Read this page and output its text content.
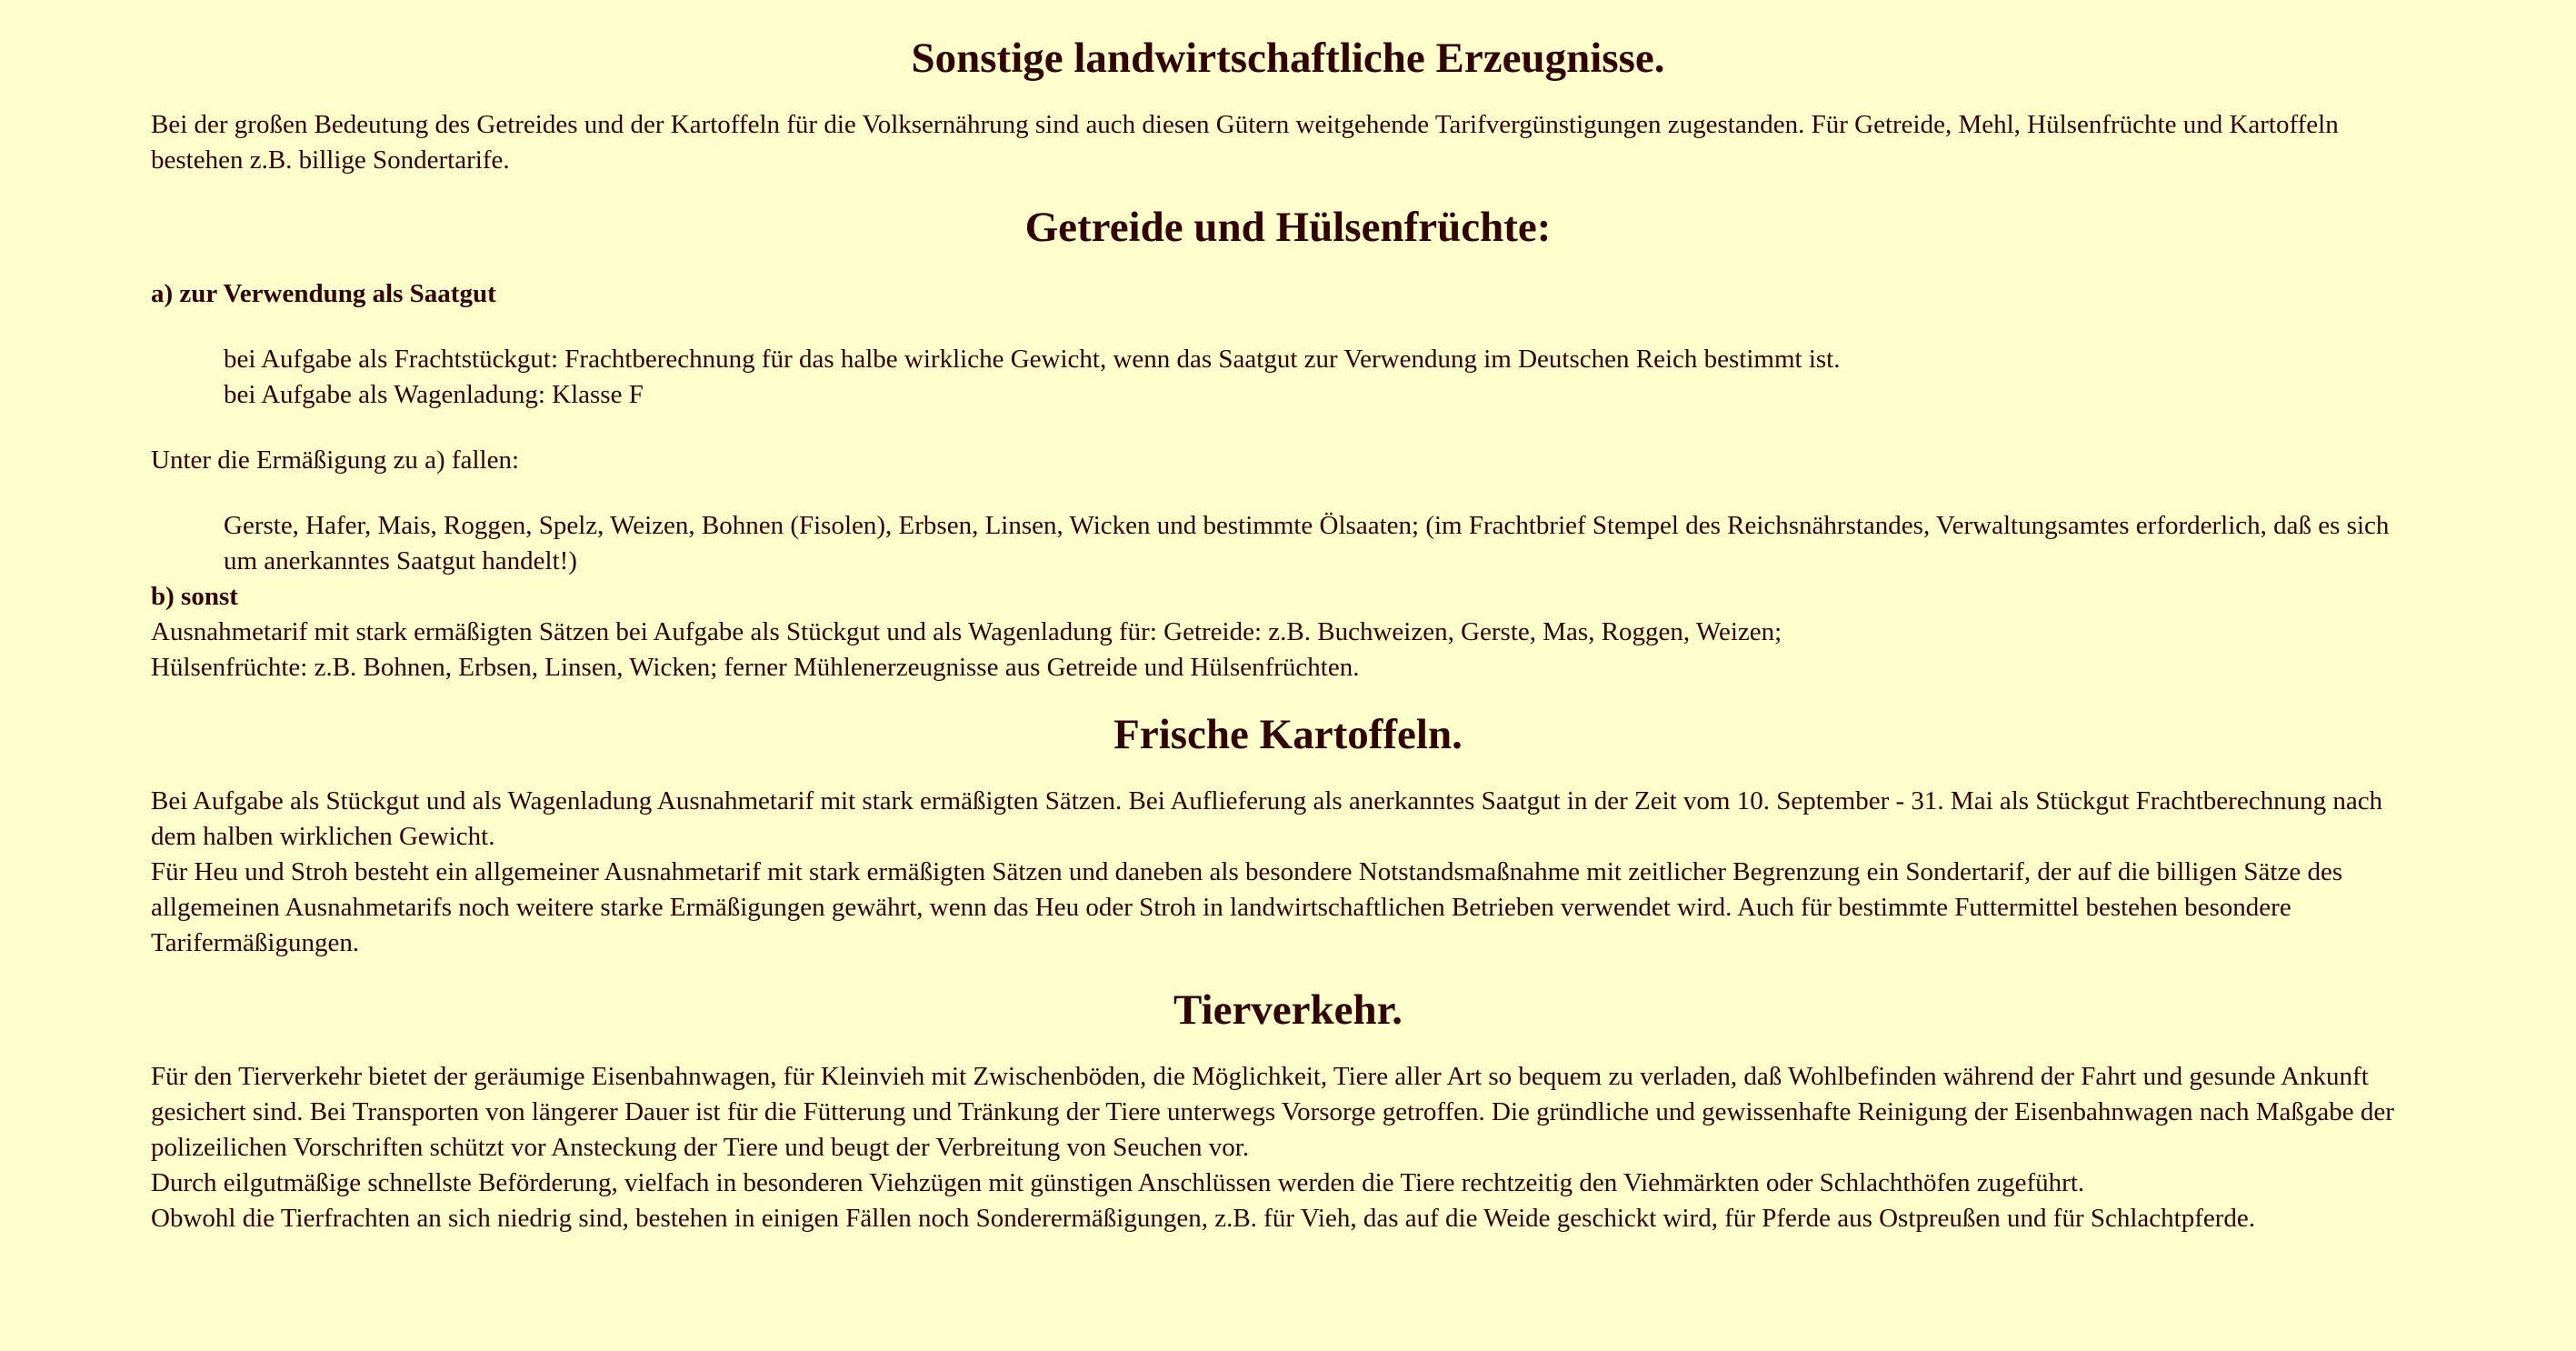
Sonstige landwirtschaftliche Erzeugnisse.

Bei der großen Bedeutung des Getreides und der Kartoffeln für die Volksernährung sind auch diesen Gütern weitgehende Tarifvergünstigungen zugestanden. Für Getreide, Mehl, Hülsenfrüchte und Kartoffeln bestehen z.B. billige Sondertarife.

Getreide und Hülsenfrüchte:

a) zur Verwendung als Saatgut

bei Aufgabe als Frachtstückgut: Frachtberechnung für das halbe wirkliche Gewicht, wenn das Saatgut zur Verwendung im Deutschen Reich bestimmt ist.

bei Aufgabe als Wagenladung: Klasse F

Unter die Ermäßigung zu a) fallen:

Gerste, Hafer, Mais, Roggen, Spelz, Weizen, Bohnen (Fisolen), Erbsen, Linsen, Wicken und bestimmte Ölsaaten; (im Frachtbrief Stempel des Reichsnährstandes, Verwaltungsamtes erforderlich, daß es sich um anerkanntes Saatgut handelt!)

b) sonst

Ausnahmetarif mit stark ermäßigten Sätzen bei Aufgabe als Stückgut und als Wagenladung für: Getreide: z.B. Buchweizen, Gerste, Mas, Roggen, Weizen;

Hülsenfrüchte: z.B. Bohnen, Erbsen, Linsen, Wicken; ferner Mühlenerzeugnisse aus Getreide und Hülsenfrüchten.

Frische Kartoffeln.

Bei Aufgabe als Stückgut und als Wagenladung Ausnahmetarif mit stark ermäßigten Sätzen. Bei Auflieferung als anerkanntes Saatgut in der Zeit vom 10. September - 31. Mai als Stückgut Frachtberechnung nach dem halben wirklichen Gewicht.

Für Heu und Stroh besteht ein allgemeiner Ausnahmetarif mit stark ermäßigten Sätzen und daneben als besondere Notstandsmaßnahme mit zeitlicher Begrenzung ein Sondertarif, der auf die billigen Sätze des allgemeinen Ausnahmetarifs noch weitere starke Ermäßigungen gewährt, wenn das Heu oder Stroh in landwirtschaftlichen Betrieben verwendet wird. Auch für bestimmte Futtermittel bestehen besondere Tarifermäßigungen.

Tierverkehr.

Für den Tierverkehr bietet der geräumige Eisenbahnwagen, für Kleinvieh mit Zwischenböden, die Möglichkeit, Tiere aller Art so bequem zu verladen, daß Wohlbefinden während der Fahrt und gesunde Ankunft gesichert sind. Bei Transporten von längerer Dauer ist für die Fütterung und Tränkung der Tiere unterwegs Vorsorge getroffen. Die gründliche und gewissenhafte Reinigung der Eisenbahnwagen nach Maßgabe der polizeilichen Vorschriften schützt vor Ansteckung der Tiere und beugt der Verbreitung von Seuchen vor.

Durch eilgutmäßige schnellste Beförderung, vielfach in besonderen Viehzügen mit günstigen Anschlüssen werden die Tiere rechtzeitig den Viehmärkten oder Schlachthöfen zugeführt.

Obwohl die Tierfrachten an sich niedrig sind, bestehen in einigen Fällen noch Sonderermäßigungen, z.B. für Vieh, das auf die Weide geschickt wird, für Pferde aus Ostpreußen und für Schlachtpferde.
